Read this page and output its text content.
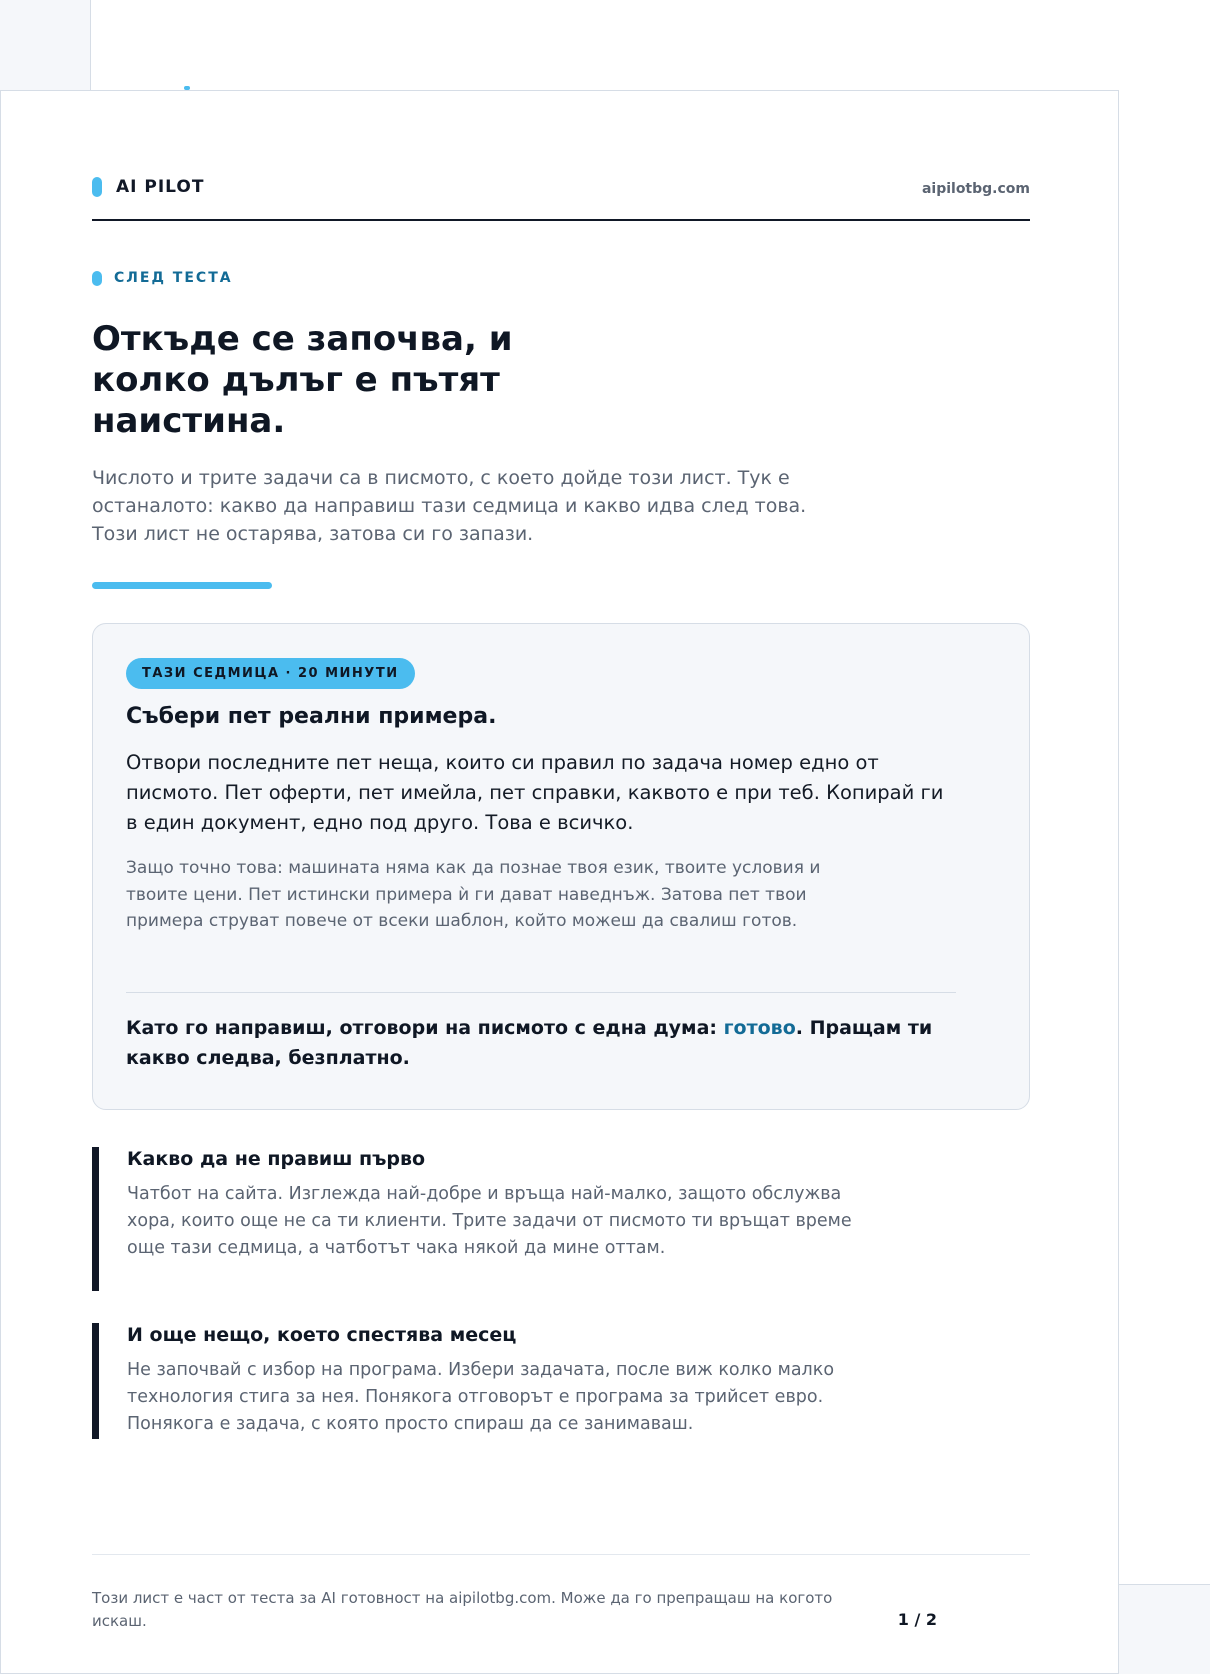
AI PILOT	aipilotbg.com
СЛЕД ТЕСТА
Откъде се започва, и колко дълъг е пътят наистина.

Числото и трите задачи са в писмото, с което дойде този лист. Тук е останалото: какво да направиш тази седмица и какво идва след това. Този лист не остарява, затова си го запази.

ТАЗИ СЕДМИЦА · 20 МИНУТИ
Събери пет реални примера.

Отвори последните пет неща, които си правил по задача номер едно от писмото. Пет оферти, пет имейла, пет справки, каквото е при теб. Копирай ги в един документ, едно под друго. Това е всичко.

Защо точно това: машината няма как да познае твоя език, твоите условия и твоите цени. Пет истински примера ѝ ги дават наведнъж. Затова пет твои примера струват повече от всеки шаблон, който можеш да свалиш готов.

Като го направиш, отговори на писмото с една дума: готово. Пращам ти какво следва, безплатно.

Какво да не правиш първо

Чатбот на сайта. Изглежда най-добре и връща най-малко, защото обслужва хора, които още не са ти клиенти. Трите задачи от писмото ти връщат време още тази седмица, а чатботът чака някой да мине оттам.

И още нещо, което спестява месец

Не започвай с избор на програма. Избери задачата, после виж колко малко технология стига за нея. Понякога отговорът е програма за трийсет евро. Понякога е задача, с която просто спираш да се занимаваш.

Този лист е част от теста за AI готовност на aipilotbg.com. Може да го препращаш на когото искаш.	1 / 2
